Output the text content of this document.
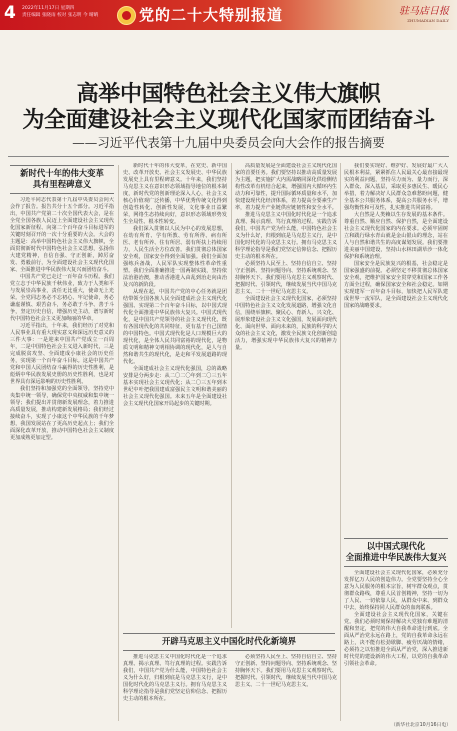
4	2022年11月17日 星期四
责任编辑 张晓雨 校对 张志明 今 晴晴	党的二十大特别报道	驻马店日报
ZHUMADIAN DAILY
高举中国特色社会主义伟大旗帜
为全面建设社会主义现代化国家而团结奋斗
——习近平代表第十九届中央委员会向大会作的报告摘要
新时代十年的伟大变革
具有里程碑意义
以中国式现代化
全面推进中华民族伟大复兴
开辟马克思主义中国化时代化新境界

习近平同志代表第十九届中央委员会向大会作了报告。报告共分十五个部分。习近平指出，中国共产党第二十次全国代表大会，是在全党全国各族人民迈上全面建设社会主义现代化国家新征程、向第二个百年奋斗目标进军的关键时刻召开的一次十分重要的大会。大会的主题是：高举中国特色社会主义伟大旗帜，全面贯彻新时代中国特色社会主义思想，弘扬伟大建党精神，自信自强、守正创新，踔厉奋发、勇毅前行，为全面建设社会主义现代化国家、全面推进中华民族伟大复兴而团结奋斗。

中国共产党已走过一百年奋斗历程。我们党立志于中华民族千秋伟业，致力于人类和平与发展崇高事业，责任无比重大，使命无上光荣。全党同志务必不忘初心、牢记使命，务必谦虚谨慎、艰苦奋斗，务必敢于斗争、善于斗争，坚定历史自信，增强历史主动，谱写新时代中国特色社会主义更加绚丽的华章。

习近平指出，十年来，我们经历了对党和人民事业具有重大现实意义和深远历史意义的三件大事：一是迎来中国共产党成立一百周年，二是中国特色社会主义进入新时代，三是完成脱贫攻坚、全面建成小康社会的历史任务，实现第一个百年奋斗目标。这是中国共产党和中国人民团结奋斗赢得的历史性胜利，是彪炳中华民族发展史册的历史性胜利，也是对世界具有深远影响的历史性胜利。

我们坚持和加强党的全面领导，坚持党中央集中统一领导，确保党中央权威和集中统一领导；我们提出并贯彻新发展理念，着力推进高质量发展，推动构建新发展格局；我们经过接续奋斗，实现了小康这个中华民族的千年梦想，我国发展站在了更高历史起点上；我们全面深化改革开放，推动中国特色社会主义制度更加成熟更加定型。

新时代十年的伟大变革，在党史、新中国史、改革开放史、社会主义发展史、中华民族发展史上具有里程碑意义。十年来，我们坚持马克思主义在意识形态领域指导地位的根本制度，新时代党的创新理论深入人心，社会主义核心价值观广泛传播，中华优秀传统文化得到创造性转化、创新性发展，文化事业日益繁荣，网络生态持续向好，意识形态领域形势发生全局性、根本性转变。

我们深入贯彻以人民为中心的发展思想，在幼有所育、学有所教、劳有所得、病有所医、老有所养、住有所居、弱有所扶上持续用力，人民生活全方位改善。我们贯彻总体国家安全观，国家安全得到全面加强。我们全面加强练兵备战，人民军队实现整体性革命性重塑。我们全面准确推进一国两制实践，坚持依法治港治澳，推动香港进入由乱到治走向由治及兴的新阶段。

从现在起，中国共产党的中心任务就是团结带领全国各族人民全面建成社会主义现代化强国、实现第二个百年奋斗目标，以中国式现代化全面推进中华民族伟大复兴。中国式现代化，是中国共产党领导的社会主义现代化，既有各国现代化的共同特征，更有基于自己国情的中国特色。中国式现代化是人口规模巨大的现代化，是全体人民共同富裕的现代化，是物质文明和精神文明相协调的现代化，是人与自然和谐共生的现代化，是走和平发展道路的现代化。

全面建成社会主义现代化强国，总的战略安排是分两步走：从二〇二〇年到二〇三五年基本实现社会主义现代化；从二〇三五年到本世纪中叶把我国建成富强民主文明和谐美丽的社会主义现代化强国。未来五年是全面建设社会主义现代化国家开局起步的关键时期。

高质量发展是全面建设社会主义现代化国家的首要任务。我们要坚持以推动高质量发展为主题，把实施扩大内需战略同深化供给侧结构性改革有机结合起来，增强国内大循环内生动力和可靠性，提升国际循环质量和水平，加快建设现代化经济体系，着力提高全要素生产率，着力提升产业链供应链韧性和安全水平。

推进马克思主义中国化时代化是一个追求真理、揭示真理、笃行真理的过程。实践告诉我们，中国共产党为什么能，中国特色社会主义为什么好，归根到底是马克思主义行，是中国化时代化的马克思主义行。拥有马克思主义科学理论指导是我们党坚定信仰信念、把握历史主动的根本所在。

必须坚持人民至上、坚持自信自立、坚持守正创新、坚持问题导向、坚持系统观念、坚持胸怀天下。我们要用马克思主义观察时代、把握时代、引领时代，继续发展当代中国马克思主义、二十一世纪马克思主义。

全面建设社会主义现代化国家，必须坚持中国特色社会主义文化发展道路，增强文化自信，围绕举旗帜、聚民心、育新人、兴文化、展形象建设社会主义文化强国，发展面向现代化、面向世界、面向未来的，民族的科学的大众的社会主义文化，激发全民族文化创新创造活力，增强实现中华民族伟大复兴的精神力量。

我们要实现好、维护好、发展好最广大人民根本利益，紧紧抓住人民最关心最直接最现实的利益问题，坚持尽力而为、量力而行，深入群众、深入基层，采取更多惠民生、暖民心举措，着力解决好人民群众急难愁盼问题，健全基本公共服务体系，提高公共服务水平，增强均衡性和可及性，扎实推进共同富裕。

大自然是人类赖以生存发展的基本条件。尊重自然、顺应自然、保护自然，是全面建设社会主义现代化国家的内在要求。必须牢固树立和践行绿水青山就是金山银山的理念，站在人与自然和谐共生的高度谋划发展。我们要推进美丽中国建设，坚持山水林田湖草沙一体化保护和系统治理。

国家安全是民族复兴的根基，社会稳定是国家强盛的前提。必须坚定不移贯彻总体国家安全观，把维护国家安全贯穿党和国家工作各方面全过程，确保国家安全和社会稳定。如期实现建军一百年奋斗目标，加快把人民军队建成世界一流军队，是全面建设社会主义现代化国家的战略要求。

全面建设社会主义现代化国家，必须充分发挥亿万人民的创造伟力。全党要坚持全心全意为人民服务的根本宗旨，树牢群众观点，贯彻群众路线，尊重人民首创精神，坚持一切为了人民、一切依靠人民，从群众中来、到群众中去，始终保持同人民群众的血肉联系。

全面建设社会主义现代化国家，关键在党。我们必须时刻保持解决大党独有难题的清醒和坚定，把党的伟大自我革命进行到底。全面从严治党永远在路上，党的自我革命永远在路上，决不能有松劲歇脚、疲劳厌战的情绪，必须持之以恒推进全面从严治党，深入推进新时代党的建设新的伟大工程，以党的自我革命引领社会革命。

推进马克思主义中国化时代化是一个追求真理、揭示真理、笃行真理的过程。实践告诉我们，中国共产党为什么能，中国特色社会主义为什么好，归根到底是马克思主义行，是中国化时代化的马克思主义行。拥有马克思主义科学理论指导是我们党坚定信仰信念、把握历史主动的根本所在。

必须坚持人民至上、坚持自信自立、坚持守正创新、坚持问题导向、坚持系统观念、坚持胸怀天下。我们要用马克思主义观察时代、把握时代、引领时代，继续发展当代中国马克思主义、二十一世纪马克思主义。

（新华社北京10月16日电）
